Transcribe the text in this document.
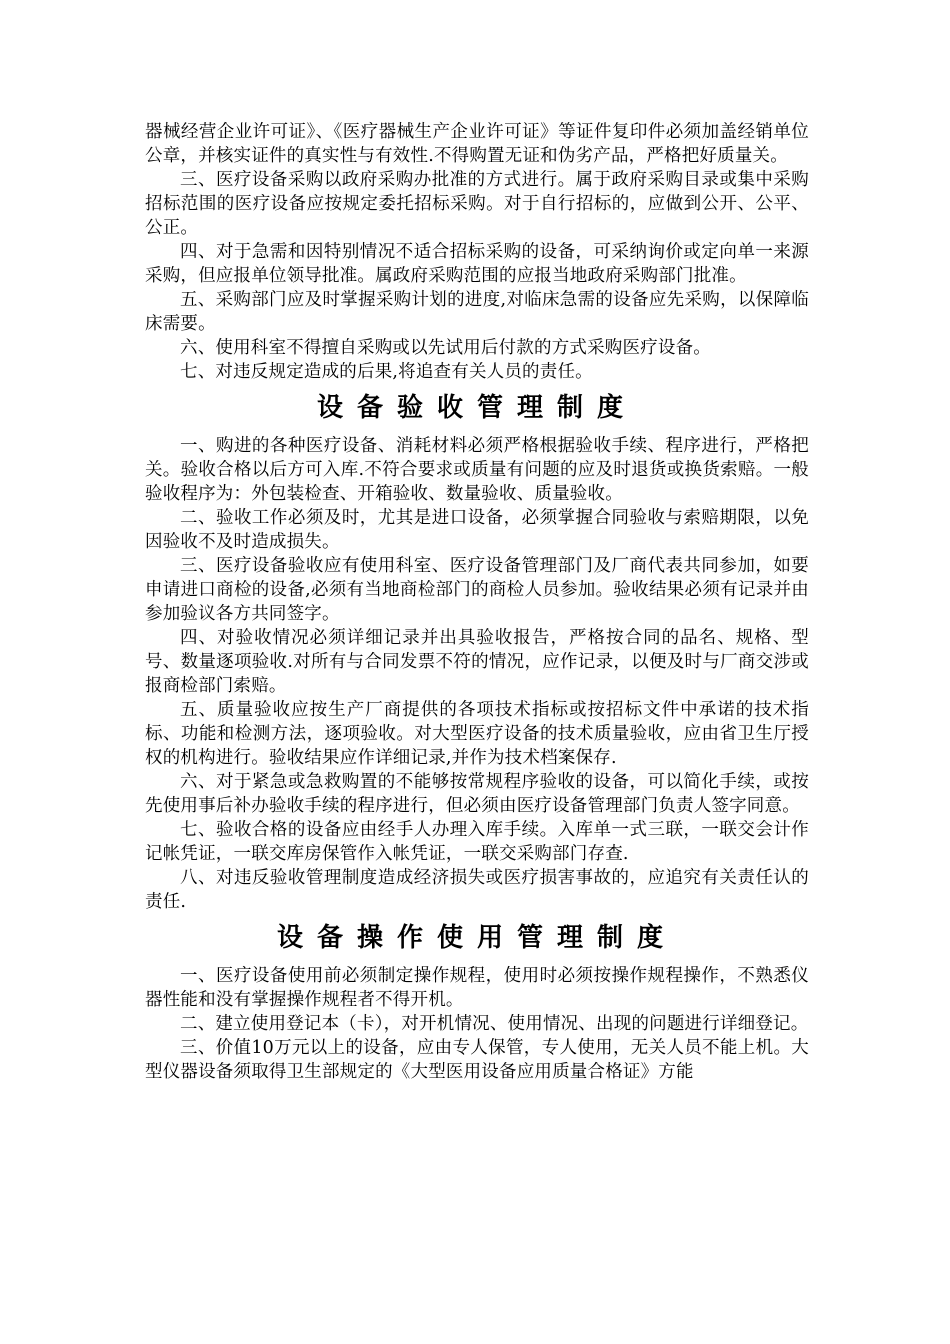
器械经营企业许可证》、《医疗器械生产企业许可证》等证件复印件必须加盖经销单位公章，并核实证件的真实性与有效性.不得购置无证和伪劣产品，严格把好质量关。

三、医疗设备采购以政府采购办批准的方式进行。属于政府采购目录或集中采购招标范围的医疗设备应按规定委托招标采购。对于自行招标的，应做到公开、公平、公正。

四、对于急需和因特别情况不适合招标采购的设备，可采纳询价或定向单一来源采购，但应报单位领导批准。属政府采购范围的应报当地政府采购部门批准。

五、采购部门应及时掌握采购计划的进度,对临床急需的设备应先采购，以保障临床需要。

六、使用科室不得擅自采购或以先试用后付款的方式采购医疗设备。

七、对违反规定造成的后果,将追查有关人员的责任。

设备验收管理制度

一、购进的各种医疗设备、消耗材料必须严格根据验收手续、程序进行，严格把关。验收合格以后方可入库.不符合要求或质量有问题的应及时退货或换货索赔。一般验收程序为：外包装检查、开箱验收、数量验收、质量验收。

二、验收工作必须及时，尤其是进口设备，必须掌握合同验收与索赔期限，以免因验收不及时造成损失。

三、医疗设备验收应有使用科室、医疗设备管理部门及厂商代表共同参加，如要申请进口商检的设备,必须有当地商检部门的商检人员参加。验收结果必须有记录并由参加验议各方共同签字。

四、对验收情况必须详细记录并出具验收报告，严格按合同的品名、规格、型号、数量逐项验收.对所有与合同发票不符的情况，应作记录，以便及时与厂商交涉或报商检部门索赔。

五、质量验收应按生产厂商提供的各项技术指标或按招标文件中承诺的技术指标、功能和检测方法，逐项验收。对大型医疗设备的技术质量验收，应由省卫生厅授权的机构进行。验收结果应作详细记录,并作为技术档案保存.

六、对于紧急或急救购置的不能够按常规程序验收的设备，可以简化手续，或按先使用事后补办验收手续的程序进行，但必须由医疗设备管理部门负责人签字同意。

七、验收合格的设备应由经手人办理入库手续。入库单一式三联，一联交会计作记帐凭证，一联交库房保管作入帐凭证，一联交采购部门存查.

八、对违反验收管理制度造成经济损失或医疗损害事故的，应追究有关责任认的责任.

设备操作使用管理制度

一、医疗设备使用前必须制定操作规程，使用时必须按操作规程操作，不熟悉仪器性能和没有掌握操作规程者不得开机。

二、建立使用登记本（卡），对开机情况、使用情况、出现的问题进行详细登记。

三、价值10万元以上的设备，应由专人保管，专人使用，无关人员不能上机。大型仪器设备须取得卫生部规定的《大型医用设备应用质量合格证》方能
